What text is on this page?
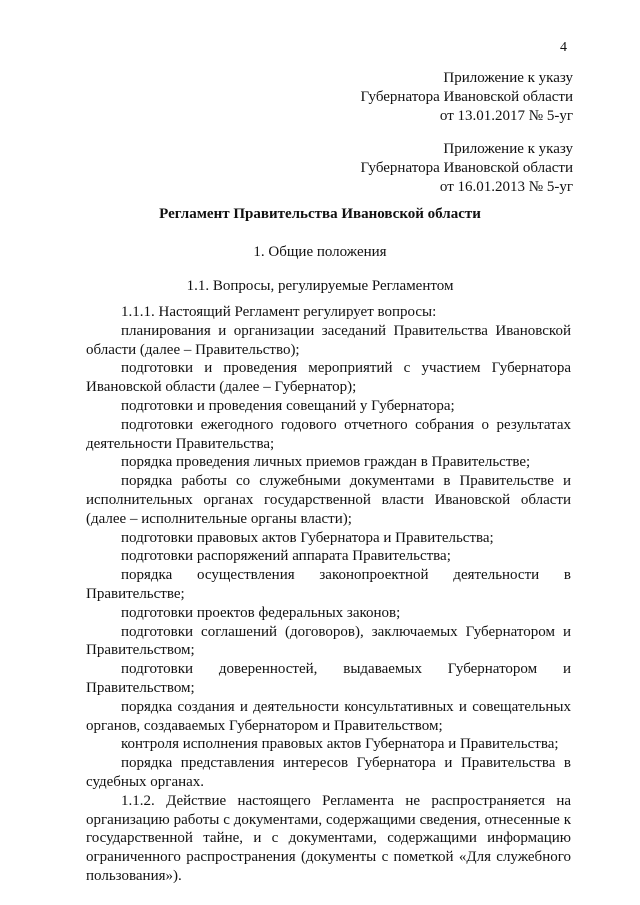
4
Приложение к указу
Губернатора Ивановской области
от 13.01.2017 № 5-уг
Приложение к указу
Губернатора Ивановской области
от 16.01.2013 № 5-уг
Регламент Правительства Ивановской области
1. Общие положения
1.1. Вопросы, регулируемые Регламентом

1.1.1. Настоящий Регламент регулирует вопросы:

планирования и организации заседаний Правительства Ивановской области (далее – Правительство);

подготовки и проведения мероприятий с участием Губернатора Ивановской области (далее – Губернатор);

подготовки и проведения совещаний у Губернатора;

подготовки ежегодного годового отчетного собрания о результатах деятельности Правительства;

порядка проведения личных приемов граждан в Правительстве;

порядка работы со служебными документами в Правительстве и исполнительных органах государственной власти Ивановской области (далее – исполнительные органы власти);

подготовки правовых актов Губернатора и Правительства;

подготовки распоряжений аппарата Правительства;

порядка осуществления законопроектной деятельности в Правительстве;

подготовки проектов федеральных законов;

подготовки соглашений (договоров), заключаемых Губернатором и Правительством;

подготовки доверенностей, выдаваемых Губернатором и Правительством;

порядка создания и деятельности консультативных и совещательных органов, создаваемых Губернатором и Правительством;

контроля исполнения правовых актов Губернатора и Правительства;

порядка представления интересов Губернатора и Правительства в судебных органах.

1.1.2. Действие настоящего Регламента не распространяется на организацию работы с документами, содержащими сведения, отнесенные к государственной тайне, и с документами, содержащими информацию ограниченного распространения (документы с пометкой «Для служебного пользования»).
